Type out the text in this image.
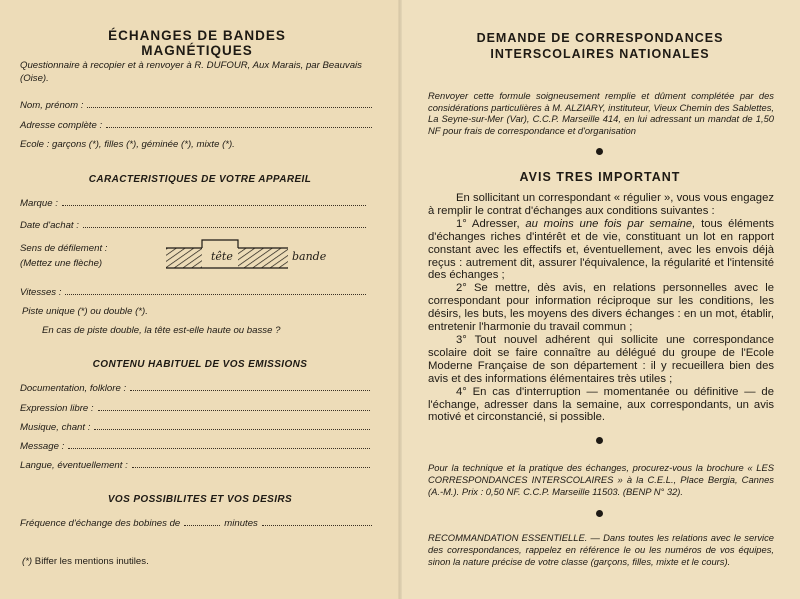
ÉCHANGES DE BANDES MAGNÉTIQUES
Questionnaire à recopier et à renvoyer à R. DUFOUR, Aux Marais, par Beauvais (Oise).
Nom, prénom :
Adresse complète :
Ecole : garçons (*), filles (*), géminée (*), mixte (*).
CARACTERISTIQUES DE VOTRE APPAREIL
Marque :
Date d'achat :
Sens de défilement :
(Mettez une flèche)
tête	bande
Vitesses :
Piste unique (*) ou double (*).
En cas de piste double, la tête est-elle haute ou basse ?
CONTENU HABITUEL DE VOS EMISSIONS
Documentation, folklore :
Expression libre :
Musique, chant :
Message :
Langue, éventuellement :
VOS POSSIBILITES ET VOS DESIRS
Fréquence d'échange des bobines de	minutes
(*) Biffer les mentions inutiles.
DEMANDE DE CORRESPONDANCES
INTERSCOLAIRES NATIONALES
Renvoyer cette formule soigneusement remplie et dûment complétée par des considérations particulières à M. ALZIARY, instituteur, Vieux Chemin des Sablettes, La Seyne-sur-Mer (Var), C.C.P. Marseille 414, en lui adressant un mandat de 1,50 NF pour frais de correspondance et d'organisation
AVIS TRES IMPORTANT

En sollicitant un correspondant « régulier », vous vous engagez à remplir le contrat d'échanges aux conditions suivantes :

1° Adresser, au moins une fois par semaine, tous éléments d'échanges riches d'intérêt et de vie, constituant un lot en rapport constant avec les effectifs et, éventuellement, avec les envois déjà reçus : autrement dit, assurer l'équivalence, la régularité et l'intensité des échanges ;

2° Se mettre, dès avis, en relations personnelles avec le correspondant pour information réciproque sur les conditions, les désirs, les buts, les moyens des divers échanges : en un mot, établir, entretenir l'harmonie du travail commun ;

3° Tout nouvel adhérent qui sollicite une correspondance scolaire doit se faire connaître au délégué du groupe de l'Ecole Moderne Française de son département : il y recueillera bien des avis et des informations élémentaires très utiles ;

4° En cas d'interruption — momentanée ou définitive — de l'échange, adresser dans la semaine, aux correspondants, un avis motivé et circonstancié, si possible.

Pour la technique et la pratique des échanges, procurez-vous la brochure « LES CORRESPONDANCES INTERSCOLAIRES » à la C.E.L., Place Bergia, Cannes (A.-M.). Prix : 0,50 NF. C.C.P. Marseille 11503. (BENP N° 32).
RECOMMANDATION ESSENTIELLE. — Dans toutes les relations avec le service des correspondances, rappelez en référence le ou les numéros de vos équipes, sinon la nature précise de votre classe (garçons, filles, mixte et le cours).
